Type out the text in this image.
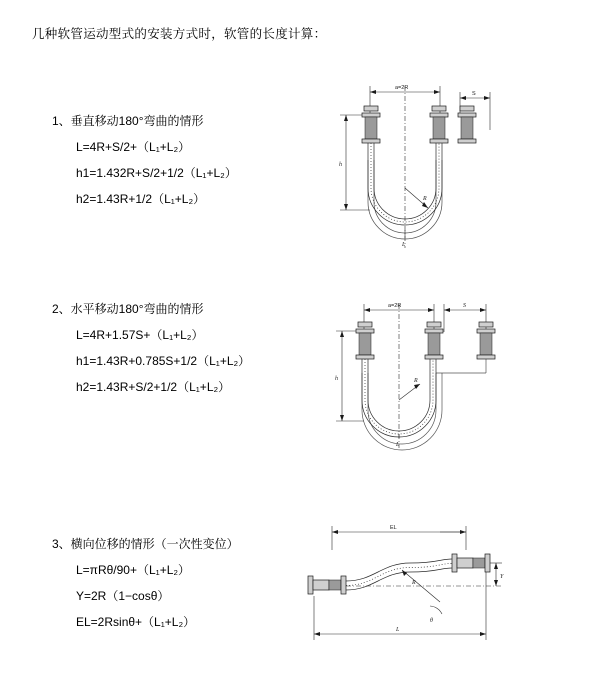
几种软管运动型式的安装方式时，软管的长度计算：
1、垂直移动180°弯曲的情形
L=4R+S/2+（L₁+L₂）
h1=1.432R+S/2+1/2（L₁+L₂）
h2=1.43R+1/2（L₁+L₂）
2、水平移动180°弯曲的情形
L=4R+1.57S+（L₁+L₂）
h1=1.43R+0.785S+1/2（L₁+L₂）
h2=1.43R+S/2+1/2（L₁+L₂）
3、横向位移的情形（一次性变位）
L=πRθ/90+（L₁+L₂）
Y=2R（1−cosθ）
EL=2Rsinθ+（L₁+L₂）
a=2R
S
h
R
L
a=2R	S
h	R
L
EL
Y
R
θ
L
